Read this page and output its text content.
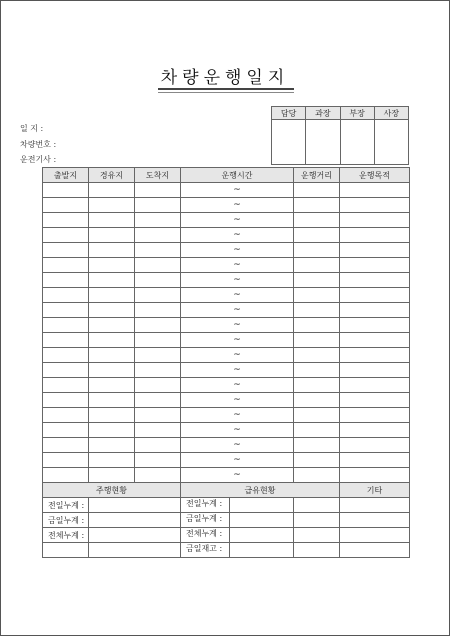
차량운행일지
일 지 :
차량번호 :
운전기사 :
담당	과장	부장	사장

출발지	경유지	도착지	운행시간	운행거리	운행목적
			~		
			~		
			~		
			~		
			~		
			~		
			~		
			~		
			~		
			~		
			~		
			~		
			~		
			~		
			~		
			~		
			~		
			~		
			~		
			~		
주행현황			급유현황		기타
전일누계 :			전일누계 :		

금일누계 :			금일누계 :		

전체누계 :			전체누계 :		

			금일재고 :		
